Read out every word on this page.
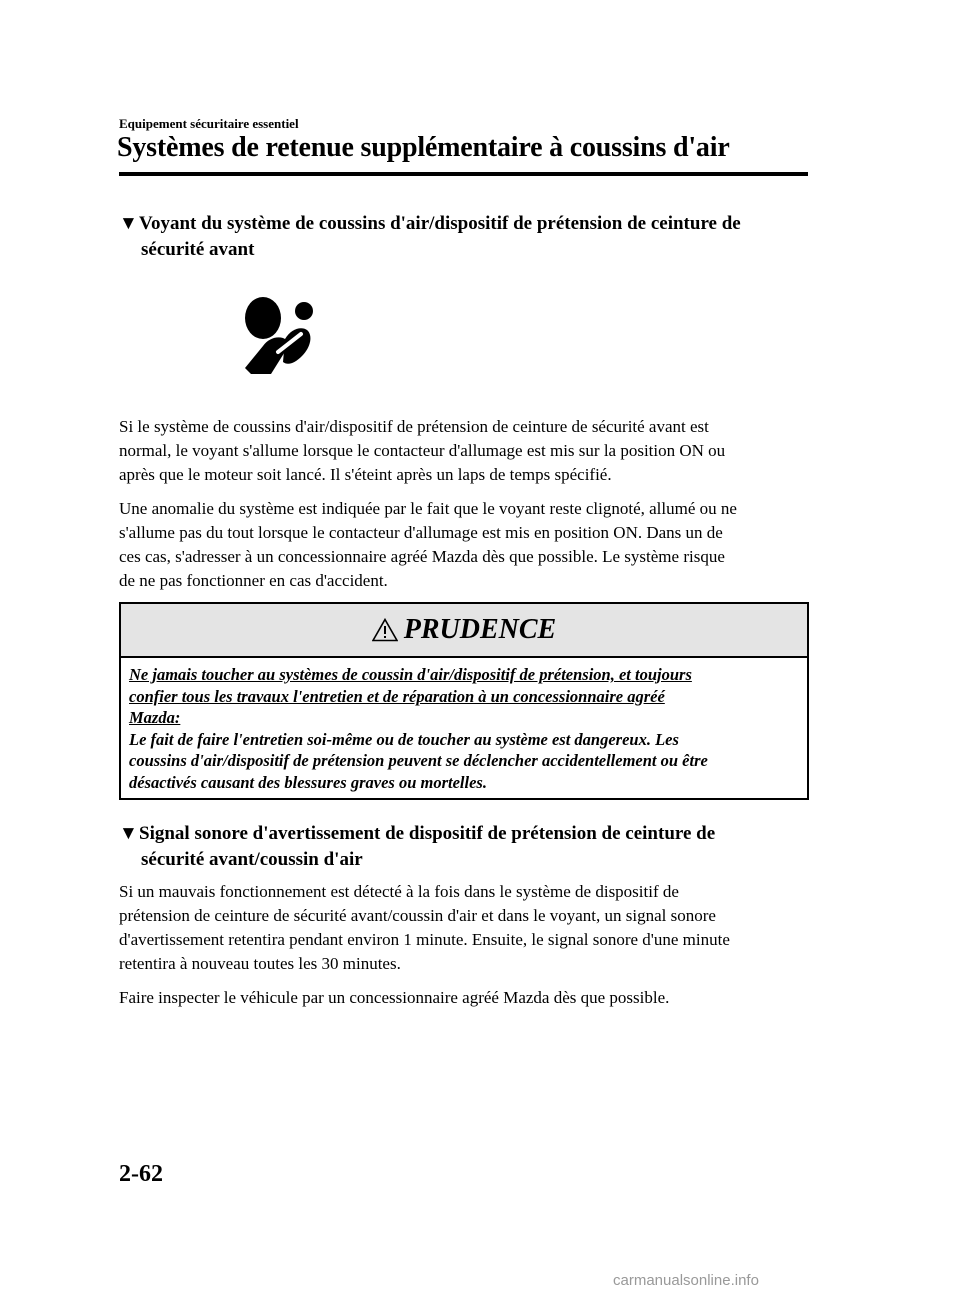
Equipement sécuritaire essentiel
Systèmes de retenue supplémentaire à coussins d'air
▼Voyant du système de coussins d'air/dispositif de prétension de ceinture de
sécurité avant
Si le système de coussins d'air/dispositif de prétension de ceinture de sécurité avant est
normal, le voyant s'allume lorsque le contacteur d'allumage est mis sur la position ON ou
après que le moteur soit lancé. Il s'éteint après un laps de temps spécifié.
Une anomalie du système est indiquée par le fait que le voyant reste clignoté, allumé ou ne
s'allume pas du tout lorsque le contacteur d'allumage est mis en position ON. Dans un de
ces cas, s'adresser à un concessionnaire agréé Mazda dès que possible. Le système risque
de ne pas fonctionner en cas d'accident.
PRUDENCE
Ne jamais toucher au systèmes de coussin d'air/dispositif de prétension, et toujours
confier tous les travaux l'entretien et de réparation à un concessionnaire agréé
Mazda:
Le fait de faire l'entretien soi-même ou de toucher au système est dangereux. Les
coussins d'air/dispositif de prétension peuvent se déclencher accidentellement ou être
désactivés causant des blessures graves ou mortelles.
▼Signal sonore d'avertissement de dispositif de prétension de ceinture de
sécurité avant/coussin d'air
Si un mauvais fonctionnement est détecté à la fois dans le système de dispositif de
prétension de ceinture de sécurité avant/coussin d'air et dans le voyant, un signal sonore
d'avertissement retentira pendant environ 1 minute. Ensuite, le signal sonore d'une minute
retentira à nouveau toutes les 30 minutes.
Faire inspecter le véhicule par un concessionnaire agréé Mazda dès que possible.
2-62
carmanualsonline.info
